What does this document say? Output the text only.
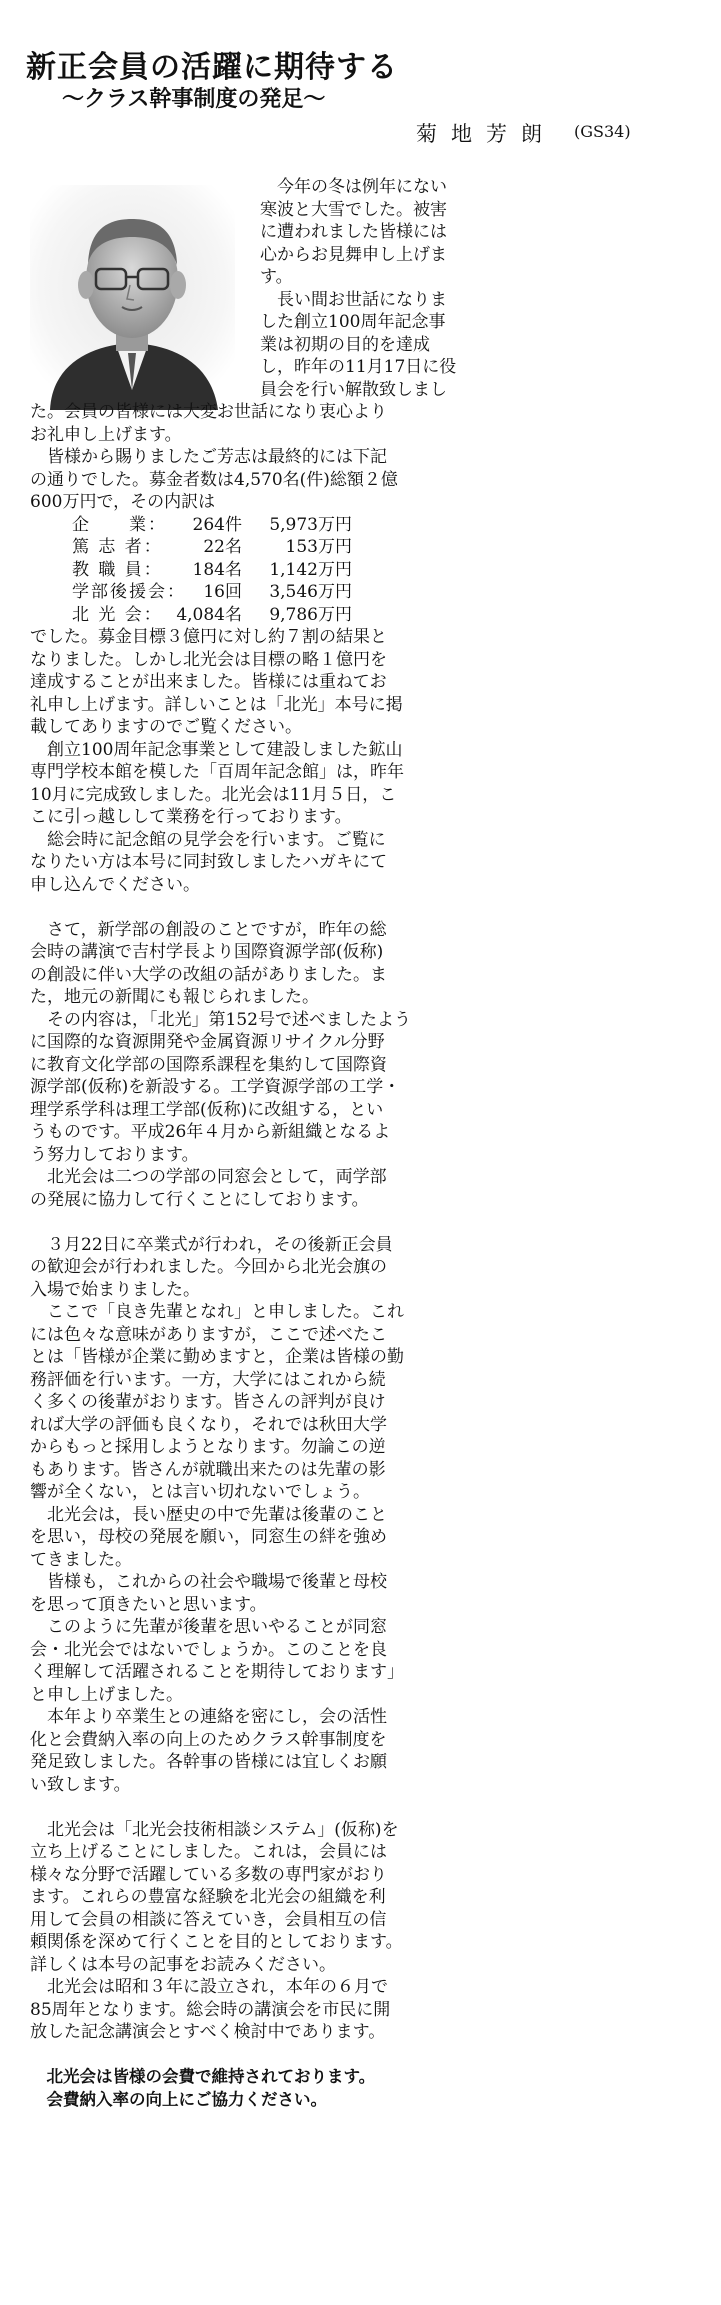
新正会員の活躍に期待する
〜クラス幹事制度の発足〜
菊地芳朗 (GS34)
　今年の冬は例年にない
寒波と大雪でした。被害
に遭われました皆様には
心からお見舞申し上げま
す。
　長い間お世話になりま
した創立100周年記念事
業は初期の目的を達成
し，昨年の11月17日に役
員会を行い解散致しまし
た。会員の皆様には大変お世話になり衷心より
お礼申し上げます。
　皆様から賜りましたご芳志は最終的には下記
の通りでした。募金者数は4,570名(件)総額２億
600万円で，その内訳は
企　　業： 264件 5,973万円
篤 志 者： 22名	153万円
教 職 員： 184名 1,142万円
学部後援会： 16回 3,546万円
北 光 会： 4,084名 9,786万円
でした。募金目標３億円に対し約７割の結果と
なりました。しかし北光会は目標の略１億円を
達成することが出来ました。皆様には重ねてお
礼申し上げます。詳しいことは「北光」本号に掲
載してありますのでご覧ください。
　創立100周年記念事業として建設しました鉱山
専門学校本館を模した「百周年記念館」は，昨年
10月に完成致しました。北光会は11月５日，こ
こに引っ越しして業務を行っております。
　総会時に記念館の見学会を行います。ご覧に
なりたい方は本号に同封致しましたハガキにて
申し込んでください。
　さて，新学部の創設のことですが，昨年の総
会時の講演で吉村学長より国際資源学部(仮称)
の創設に伴い大学の改組の話がありました。ま
た，地元の新聞にも報じられました。
　その内容は，「北光」第152号で述べましたよう
に国際的な資源開発や金属資源リサイクル分野
に教育文化学部の国際系課程を集約して国際資
源学部(仮称)を新設する。工学資源学部の工学・
理学系学科は理工学部(仮称)に改組する，とい
うものです。平成26年４月から新組織となるよ
う努力しております。
　北光会は二つの学部の同窓会として，両学部
の発展に協力して行くことにしております。
　３月22日に卒業式が行われ，その後新正会員
の歓迎会が行われました。今回から北光会旗の
入場で始まりました。
　ここで「良き先輩となれ」と申しました。これ
には色々な意味がありますが，ここで述べたこ
とは「皆様が企業に勤めますと，企業は皆様の勤
務評価を行います。一方，大学にはこれから続
く多くの後輩がおります。皆さんの評判が良け
れば大学の評価も良くなり，それでは秋田大学
からもっと採用しようとなります。勿論この逆
もあります。皆さんが就職出来たのは先輩の影
響が全くない，とは言い切れないでしょう。
　北光会は，長い歴史の中で先輩は後輩のこと
を思い，母校の発展を願い，同窓生の絆を強め
てきました。
　皆様も，これからの社会や職場で後輩と母校
を思って頂きたいと思います。
　このように先輩が後輩を思いやることが同窓
会・北光会ではないでしょうか。このことを良
く理解して活躍されることを期待しております」
と申し上げました。
　本年より卒業生との連絡を密にし，会の活性
化と会費納入率の向上のためクラス幹事制度を
発足致しました。各幹事の皆様には宜しくお願
い致します。
　北光会は「北光会技術相談システム」(仮称)を
立ち上げることにしました。これは，会員には
様々な分野で活躍している多数の専門家がおり
ます。これらの豊富な経験を北光会の組織を利
用して会員の相談に答えていき，会員相互の信
頼関係を深めて行くことを目的としております。
詳しくは本号の記事をお読みください。
　北光会は昭和３年に設立され，本年の６月で
85周年となります。総会時の講演会を市民に開
放した記念講演会とすべく検討中であります。
　北光会は皆様の会費で維持されております。
　会費納入率の向上にご協力ください。
